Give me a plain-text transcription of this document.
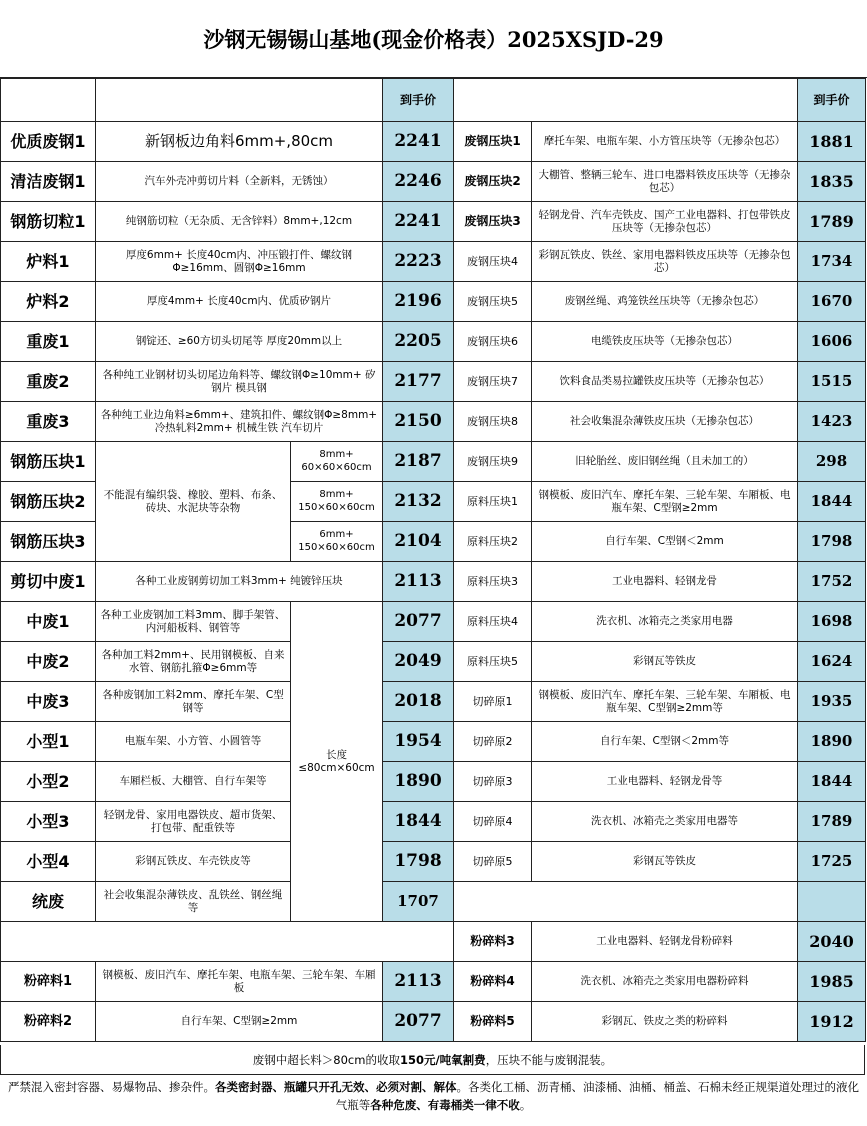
沙钢无锡锡山基地(现金价格表）2025XSJD-29
			到手价			到手价
优质废钢1	新钢板边角料6mm+,80cm		2241	废钢压块1	摩托车架、电瓶车架、小方管压块等（无掺杂包芯）	1881
清洁废钢1	汽车外壳冲剪切片料（全新料，无锈蚀）		2246	废钢压块2	大棚管、整辆三轮车、进口电器料铁皮压块等（无掺杂包芯）	1835
钢筋切粒1	纯钢筋切粒（无杂质、无含锌料）8mm+,12cm		2241	废钢压块3	轻钢龙骨、汽车壳铁皮、国产工业电器料、打包带铁皮压块等（无掺杂包芯）	1789
炉料1	厚度6mm+ 长度40cm内、冲压锻打件、螺纹钢Φ≥16mm、圆钢Φ≥16mm		2223	废钢压块4	彩钢瓦铁皮、铁丝、家用电器料铁皮压块等（无掺杂包芯）	1734
炉料2	厚度4mm+ 长度40cm内、优质矽钢片		2196	废钢压块5	废钢丝绳、鸡笼铁丝压块等（无掺杂包芯）	1670
重废1	钢锭还、≥60方切头切尾等 厚度20mm以上		2205	废钢压块6	电缆铁皮压块等（无掺杂包芯）	1606
重废2	各种纯工业钢材切头切尾边角料等、螺纹钢Φ≥10mm+ 矽钢片 模具钢		2177	废钢压块7	饮料食品类易拉罐铁皮压块等（无掺杂包芯）	1515
重废3	各种纯工业边角料≥6mm+、建筑扣件、螺纹钢Φ≥8mm+ 冷热轧料2mm+ 机械生铁 汽车切片		2150	废钢压块8	社会收集混杂薄铁皮压块（无掺杂包芯）	1423
钢筋压块1	不能混有编织袋、橡胶、塑料、布条、砖块、水泥块等杂物	8mm+ 60×60×60cm	2187	废钢压块9	旧轮胎丝、废旧钢丝绳（且未加工的）	298
钢筋压块2		8mm+ 150×60×60cm	2132	原料压块1	钢模板、废旧汽车、摩托车架、三轮车架、车厢板、电瓶车架、C型钢≥2mm	1844
钢筋压块3		6mm+ 150×60×60cm	2104	原料压块2	自行车架、C型钢＜2mm	1798
剪切中废1	各种工业废钢剪切加工料3mm+ 纯镀锌压块		2113	原料压块3	工业电器料、轻钢龙骨	1752
中废1	各种工业废钢加工料3mm、脚手架管、内河船板料、钢管等	长度≤80cm×60cm	2077	原料压块4	洗衣机、冰箱壳之类家用电器	1698
中废2	各种加工料2mm+、民用钢模板、自来水管、钢筋扎箍Φ≥6mm等		2049	原料压块5	彩钢瓦等铁皮	1624
中废3	各种废钢加工料2mm、摩托车架、C型钢等		2018	切碎原1	钢模板、废旧汽车、摩托车架、三轮车架、车厢板、电瓶车架、C型钢≥2mm等	1935
小型1	电瓶车架、小方管、小圆管等		1954	切碎原2	自行车架、C型钢＜2mm等	1890
小型2	车厢栏板、大棚管、自行车架等		1890	切碎原3	工业电器料、轻钢龙骨等	1844
小型3	轻钢龙骨、家用电器铁皮、超市货架、打包带、配重铁等		1844	切碎原4	洗衣机、冰箱壳之类家用电器等	1789
小型4	彩钢瓦铁皮、车壳铁皮等		1798	切碎原5	彩钢瓦等铁皮	1725
统废	社会收集混杂薄铁皮、乱铁丝、钢丝绳等		1707			
				粉碎料3	工业电器料、轻钢龙骨粉碎料	2040
粉碎料1	钢模板、废旧汽车、摩托车架、电瓶车架、三轮车架、车厢板		2113	粉碎料4	洗衣机、冰箱壳之类家用电器粉碎料	1985
粉碎料2	自行车架、C型钢≥2mm		2077	粉碎料5	彩钢瓦、铁皮之类的粉碎料	1912
废钢中超长料＞80cm的收取 150元/吨氧割费 ，压块不能与废钢混装。
严禁混入密封容器、易爆物品、掺杂件。各类密封器、瓶罐只开孔无效、必须对割、解体。各类化工桶、沥青桶、油漆桶、油桶、桶盖、石棉未经正规渠道处理过的液化气瓶等各种危废、有毒桶类一律不收。
